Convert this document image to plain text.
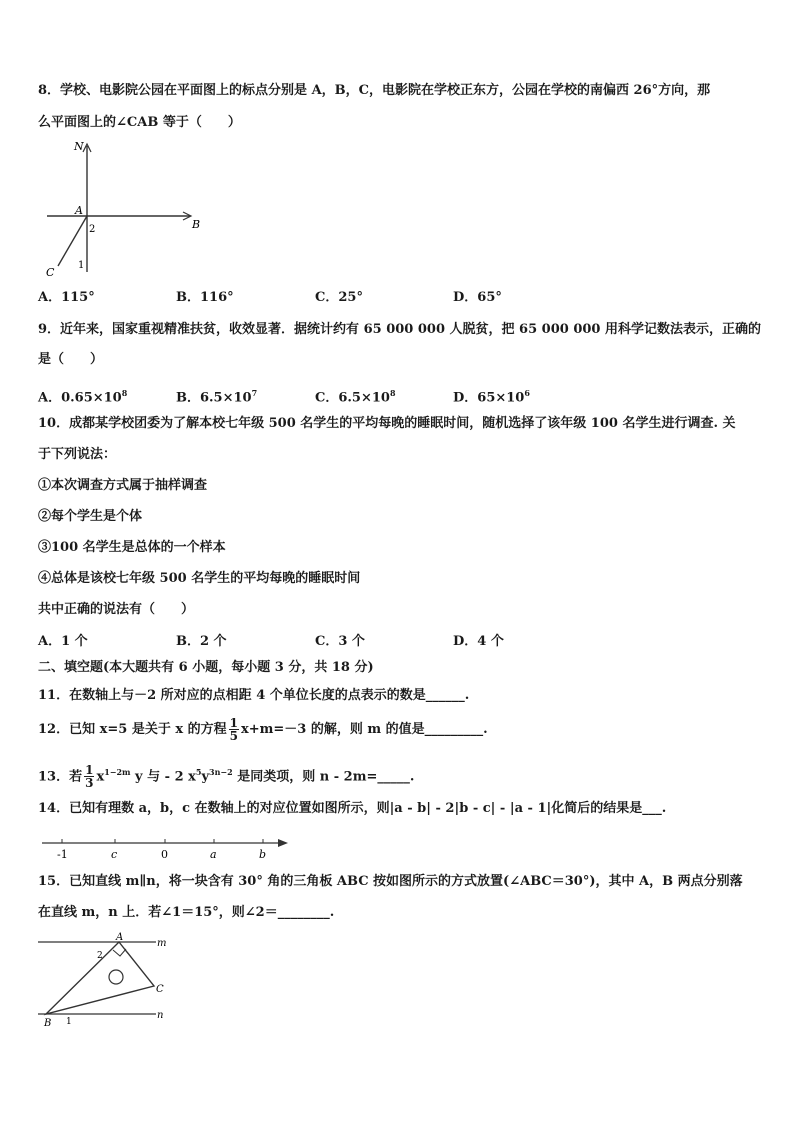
8．学校、电影院公园在平面图上的标点分别是 A，B，C，电影院在学校正东方，公园在学校的南偏西 26°方向，那
么平面图上的∠CAB 等于（　　）
N
A
B
C
2
1
A．115°	B．116°	C．25°	D．65°
9．近年来，国家重视精准扶贫，收效显著．据统计约有 65 000 000 人脱贫，把 65 000 000 用科学记数法表示，正确的
是（　　）
A．$0.65\times 10^8$	B．$6.5\times 10^7$	C．$6.5\times 10^8$	D．$65\times 10^6$
10．成都某学校团委为了解本校七年级 500 名学生的平均每晚的睡眠时间，随机选择了该年级 100 名学生进行调查. 关
于下列说法：
①本次调查方式属于抽样调查
②每个学生是个体
③100 名学生是总体的一个样本
④总体是该校七年级 500 名学生的平均每晚的睡眠时间
共中正确的说法有（　　）
A．1 个	B．2 个	C．3 个	D．4 个
二、填空题(本大题共有 6 小题，每小题 3 分，共 18 分)
11．在数轴上与－2 所对应的点相距 4 个单位长度的点表示的数是______.
12．已知 x=5 是关于 x 的方程 $\frac{1}{5} x+m=-3$ 的解，则 m 的值是_________.
13．若 $\frac{1}{3} x^{1-2m}$ y 与 - 2 $x^5y^{3n-2}$ 是同类项，则 n - 2m=_____.
14．已知有理数 a，b，c 在数轴上的对应位置如图所示，则|a - b| - 2|b - c| - |a - 1|化简后的结果是___.
-1	c	0	a	b
15．已知直线 m∥n，将一块含有 30° 角的三角板 ABC 按如图所示的方式放置(∠ABC＝30°)，其中 A，B 两点分别落
在直线 m，n 上．若∠1＝15°，则∠2＝________.
A
m
n
C
B 1
2
